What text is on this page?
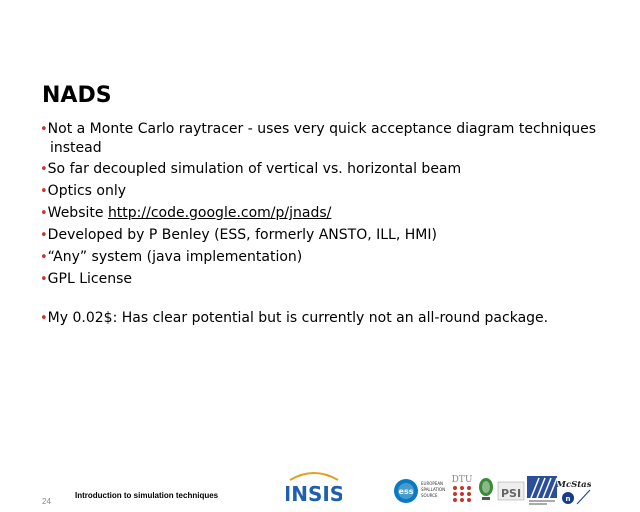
NADS
•Not a Monte Carlo raytracer - uses very quick acceptance diagram techniques instead
•So far decoupled simulation of vertical vs. horizontal beam
•Optics only
•Website http://code.google.com/p/jnads/
•Developed by P Benley (ESS, formerly ANSTO, ILL, HMI)
•“Any” system (java implementation)
•GPL License
•My 0.02$: Has clear potential but is currently not an all-round package.
24
Introduction to simulation techniques	INSIS	ess
EUROPEAN
SPALLATION
SOURCE
DTU
PSI
McStas
n
